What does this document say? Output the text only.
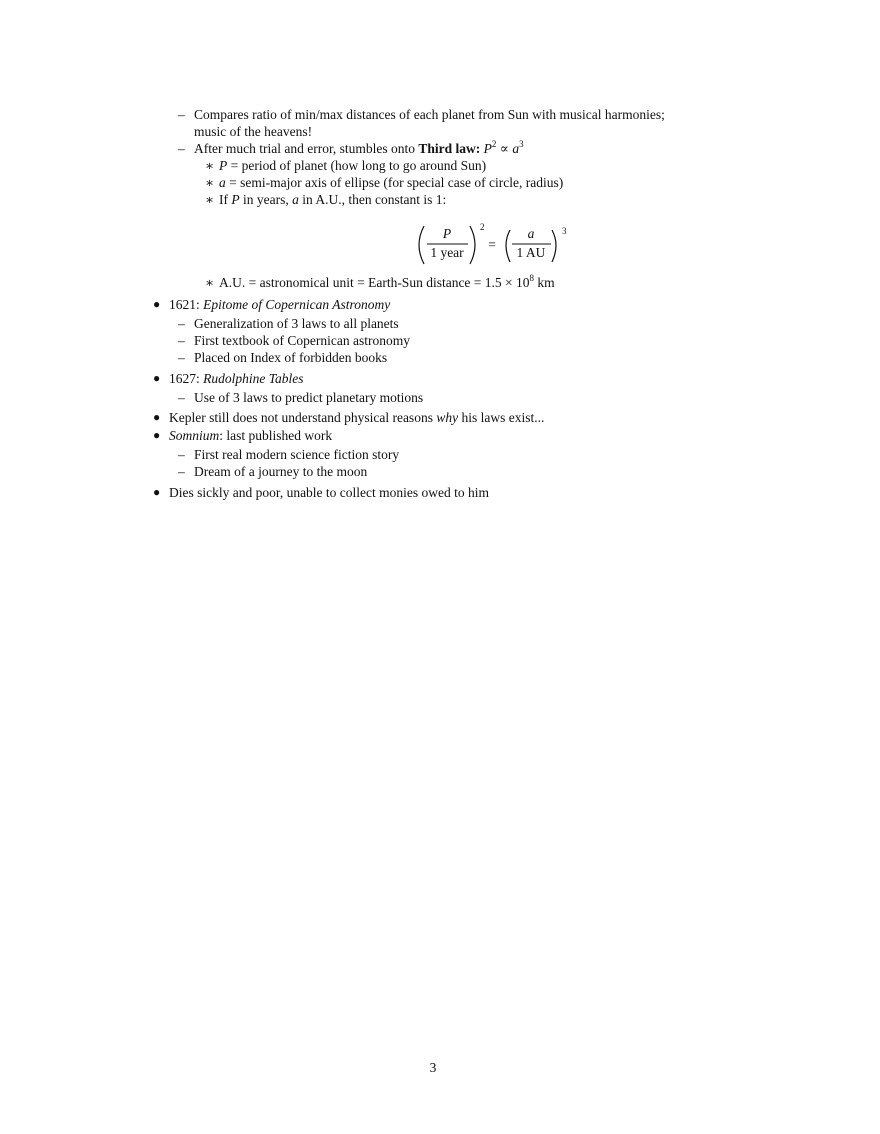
– Compares ratio of min/max distances of each planet from Sun with musical harmonies;
music of the heavens!
– After much trial and error, stumbles onto Third law: $P^2 \propto a^3$
∗ P = period of planet (how long to go around Sun)
∗ a = semi-major axis of ellipse (for special case of circle, radius)
∗ If P in years, a in A.U., then constant is 1:
P
1 year
2
=
a
1 AU
3
∗ A.U. = astronomical unit = Earth-Sun distance = $1.5 \times 10^8$ km
● 1621: Epitome of Copernican Astronomy
– Generalization of 3 laws to all planets
– First textbook of Copernican astronomy
– Placed on Index of forbidden books
● 1627: Rudolphine Tables
– Use of 3 laws to predict planetary motions
● Kepler still does not understand physical reasons why his laws exist...
● Somnium: last published work
– First real modern science fiction story
– Dream of a journey to the moon
● Dies sickly and poor, unable to collect monies owed to him
3
